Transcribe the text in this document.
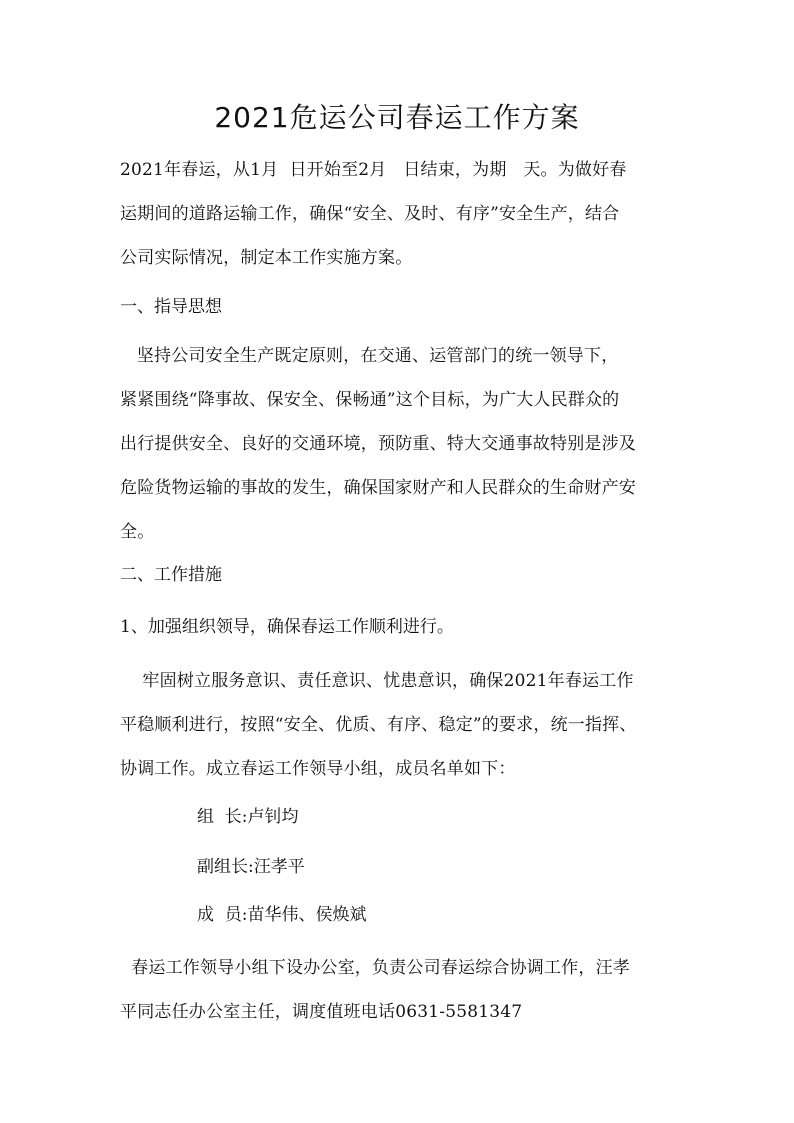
2021危运公司春运工作方案
2021年春运，从1月  日开始至2月   日结束，为期   天。为做好春
运期间的道路运输工作，确保“安全、及时、有序”安全生产，结合
公司实际情况，制定本工作实施方案。
一、指导思想
坚持公司安全生产既定原则，在交通、运管部门的统一领导下，
紧紧围绕“降事故、保安全、保畅通”这个目标，为广大人民群众的
出行提供安全、良好的交通环境，预防重、特大交通事故特别是涉及
危险货物运输的事故的发生，确保国家财产和人民群众的生命财产安
全。
二、工作措施
1、加强组织领导，确保春运工作顺利进行。
牢固树立服务意识、责任意识、忧患意识，确保2021年春运工作
平稳顺利进行，按照“安全、优质、有序、稳定”的要求，统一指挥、
协调工作。成立春运工作领导小组，成员名单如下：
组  长:卢钊均
副组长:汪孝平
成  员:苗华伟、侯焕斌
春运工作领导小组下设办公室，负责公司春运综合协调工作，汪孝
平同志任办公室主任，调度值班电话0631-5581347
